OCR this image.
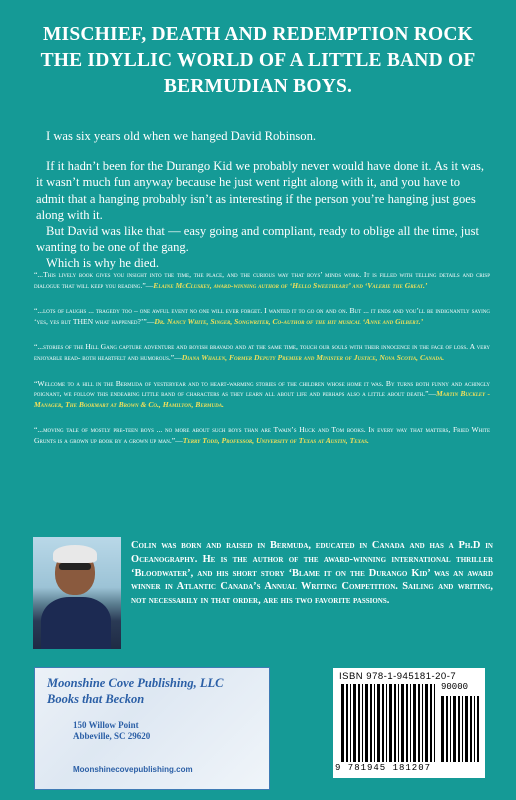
MISCHIEF, DEATH AND REDEMPTION ROCK THE IDYLLIC WORLD OF A LITTLE BAND OF BERMUDIAN BOYS.

I was six years old when we hanged David Robinson.

If it hadn’t been for the Durango Kid we probably never would have done it. As it was, it wasn’t much fun anyway because he just went right along with it, and you have to admit that a hanging probably isn’t as interesting if the person you’re hanging just goes along with it.

But David was like that — easy going and compliant, ready to oblige all the time, just wanting to be one of the gang.

Which is why he died.

“...This lively book gives you insight into the time, the place, and the curious way that boys’ minds work. It is filled with telling details and crisp dialogue that will keep you reading.”—Elaine McCluskey, award-winning author of ‘Hello Sweetheart’ and ‘Valerie the Great.’

“...lots of laughs ... tragedy too – one awful event no one will ever forget. I wanted it to go on and on. But ... it ends and you’ll be indignantly saying ‘yes, yes but THEN what happened?’”—Dr. Nancy White, Singer, Songwriter, Co-author of the hit musical ‘Anne and Gilbert.’

“...stories of the Hill Gang capture adventure and boyish bravado and at the same time, touch our souls with their innocence in the face of loss. A very enjoyable read- both heartfelt and humorous.”—Diana Whalen, Former Deputy Premier and Minister of Justice, Nova Scotia, Canada.

“Welcome to a hill in the Bermuda of yesteryear and to heart-warming stories of the children whose home it was. By turns both funny and achingly poignant, we follow this endearing little band of characters as they learn all about life and perhaps also a little about death.”—Martin Buckley - Manager, The Bookmart at Brown & Co., Hamilton, Bermuda.

“...moving tale of mostly pre-teen boys ... no more about such boys than are Twain’s Huck and Tom books. In every way that matters, Fried White Grunts is a grown up book by a grown up man.”—Terry Todd, Professor, University of Texas at Austin, Texas.

Colin was born and raised in Bermuda, educated in Canada and has a Ph.D in Oceanography. He is the author of the award-winning international thriller ‘Bloodwater’, and his short story ‘Blame it on the Durango Kid’ was an award winner in Atlantic Canada’s Annual Writing Competition. Sailing and writing, not necessarily in that order, are his two favorite passions.

Moonshine Cove Publishing, LLC

Books that Beckon

150 Willow Point
Abbeville, SC 29620
Moonshinecovepublishing.com
ISBN 978-1-945181-20-7
90000
9 781945 181207
